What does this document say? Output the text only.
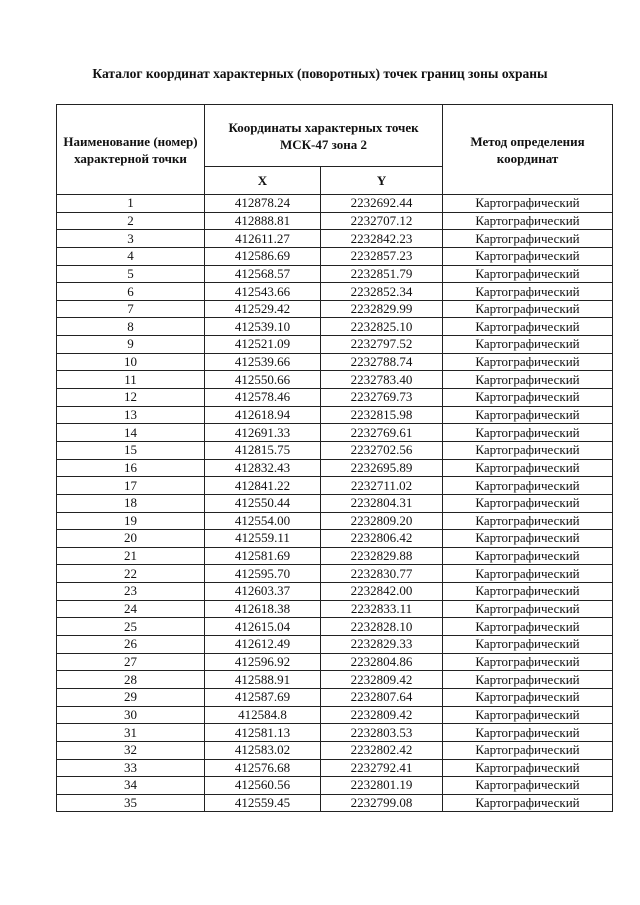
Каталог координат характерных (поворотных) точек границ зоны охраны
Наименование (номер) характерной точки	Координаты характерных точек МСК-47 зона 2		Метод определения координат
	X	Y	
1	412878.24	2232692.44	Картографический
2	412888.81	2232707.12	Картографический
3	412611.27	2232842.23	Картографический
4	412586.69	2232857.23	Картографический
5	412568.57	2232851.79	Картографический
6	412543.66	2232852.34	Картографический
7	412529.42	2232829.99	Картографический
8	412539.10	2232825.10	Картографический
9	412521.09	2232797.52	Картографический
10	412539.66	2232788.74	Картографический
11	412550.66	2232783.40	Картографический
12	412578.46	2232769.73	Картографический
13	412618.94	2232815.98	Картографический
14	412691.33	2232769.61	Картографический
15	412815.75	2232702.56	Картографический
16	412832.43	2232695.89	Картографический
17	412841.22	2232711.02	Картографический
18	412550.44	2232804.31	Картографический
19	412554.00	2232809.20	Картографический
20	412559.11	2232806.42	Картографический
21	412581.69	2232829.88	Картографический
22	412595.70	2232830.77	Картографический
23	412603.37	2232842.00	Картографический
24	412618.38	2232833.11	Картографический
25	412615.04	2232828.10	Картографический
26	412612.49	2232829.33	Картографический
27	412596.92	2232804.86	Картографический
28	412588.91	2232809.42	Картографический
29	412587.69	2232807.64	Картографический
30	412584.8	2232809.42	Картографический
31	412581.13	2232803.53	Картографический
32	412583.02	2232802.42	Картографический
33	412576.68	2232792.41	Картографический
34	412560.56	2232801.19	Картографический
35	412559.45	2232799.08	Картографический
